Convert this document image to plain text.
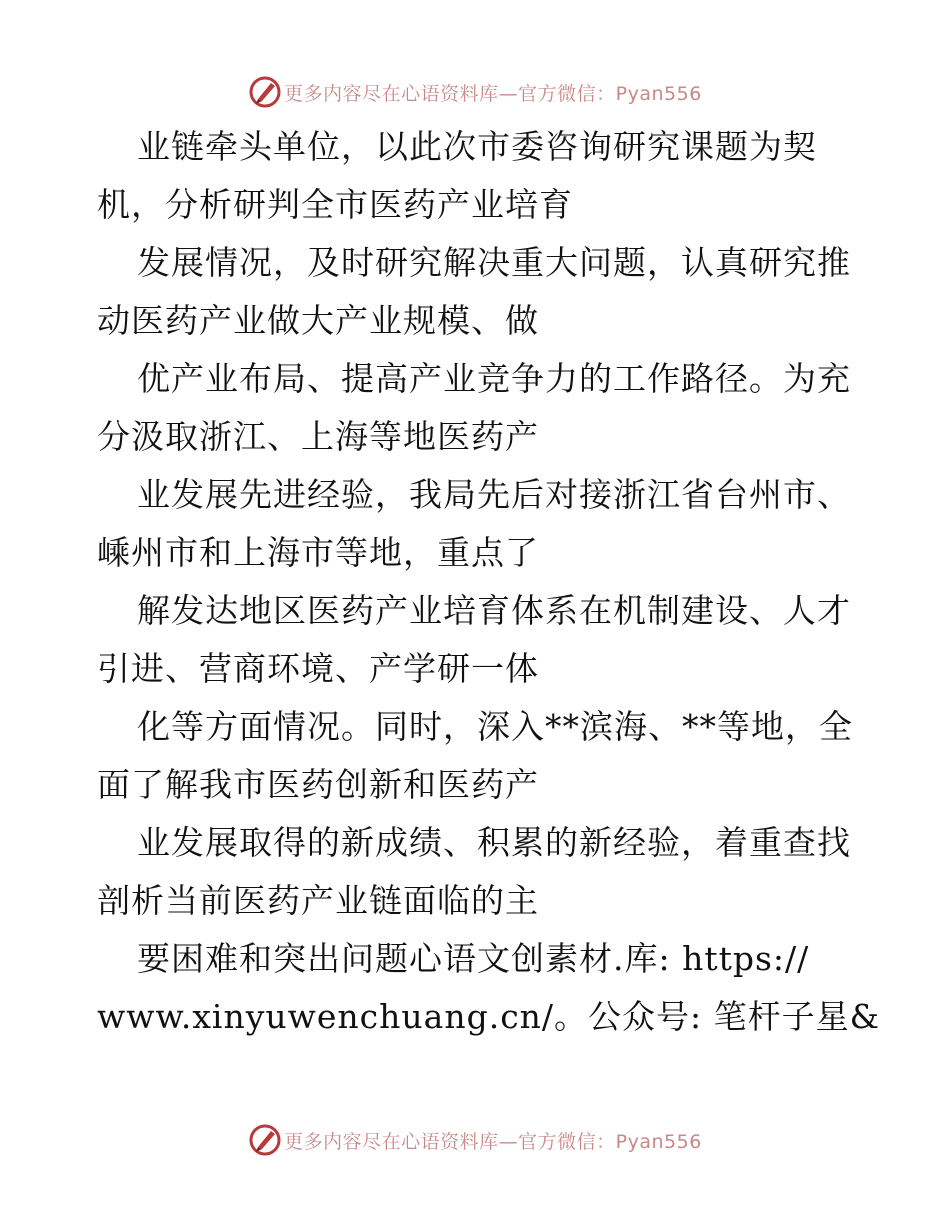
更多内容尽在心语资料库—官方微信：Pyan556
业链牵头单位，以此次市委咨询研究课题为契
机，分析研判全市医药产业培育
发展情况，及时研究解决重大问题，认真研究推
动医药产业做大产业规模、做
优产业布局、提高产业竞争力的工作路径。为充
分汲取浙江、上海等地医药产
业发展先进经验，我局先后对接浙江省台州市、
嵊州市和上海市等地，重点了
解发达地区医药产业培育体系在机制建设、人才
引进、营商环境、产学研一体
化等方面情况。同时，深入**滨海、**等地，全
面了解我市医药创新和医药产
业发展取得的新成绩、积累的新经验，着重查找
剖析当前医药产业链面临的主
要困难和突出问题心语文创素材.库: https://
www.xinyuwenchuang.cn/。公众号: 笔杆子星&
更多内容尽在心语资料库—官方微信：Pyan556
